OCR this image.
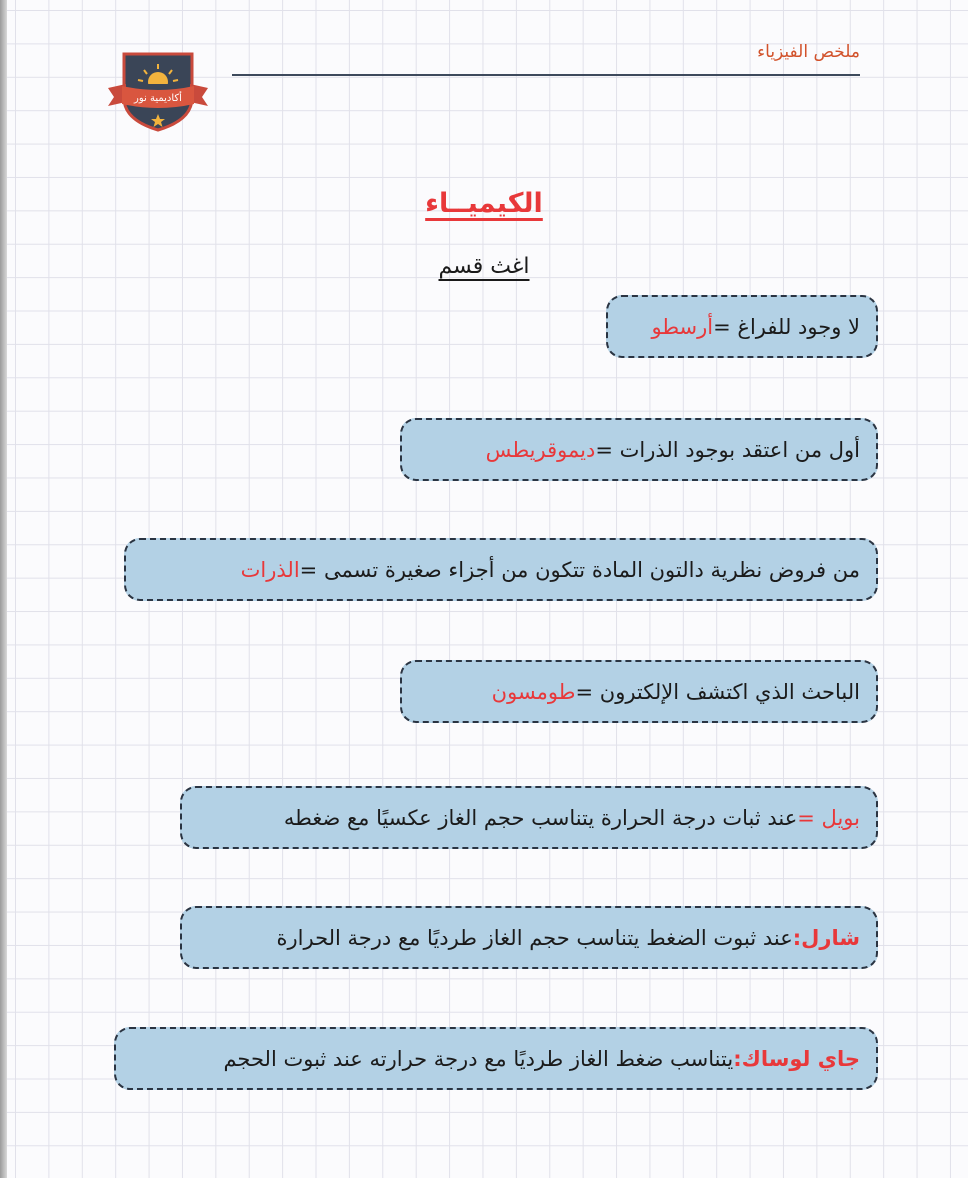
ملخص الفيزياء
أكاديمية نور
الكيميــاء
اغث قسم
لا وجود للفراغ =
أرسطو
أول من اعتقد بوجود الذرات =
ديموقريطس
من فروض نظرية دالتون المادة تتكون من أجزاء صغيرة تسمى =
الذرات
الباحث الذي اكتشف الإلكترون =
طومسون
بويل =
عند ثبات درجة الحرارة يتناسب حجم الغاز عكسيًا مع ضغطه
شارل:
عند ثبوت الضغط يتناسب حجم الغاز طرديًا مع درجة الحرارة
جاي لوساك:
يتناسب ضغط الغاز طرديًا مع درجة حرارته عند ثبوت الحجم
